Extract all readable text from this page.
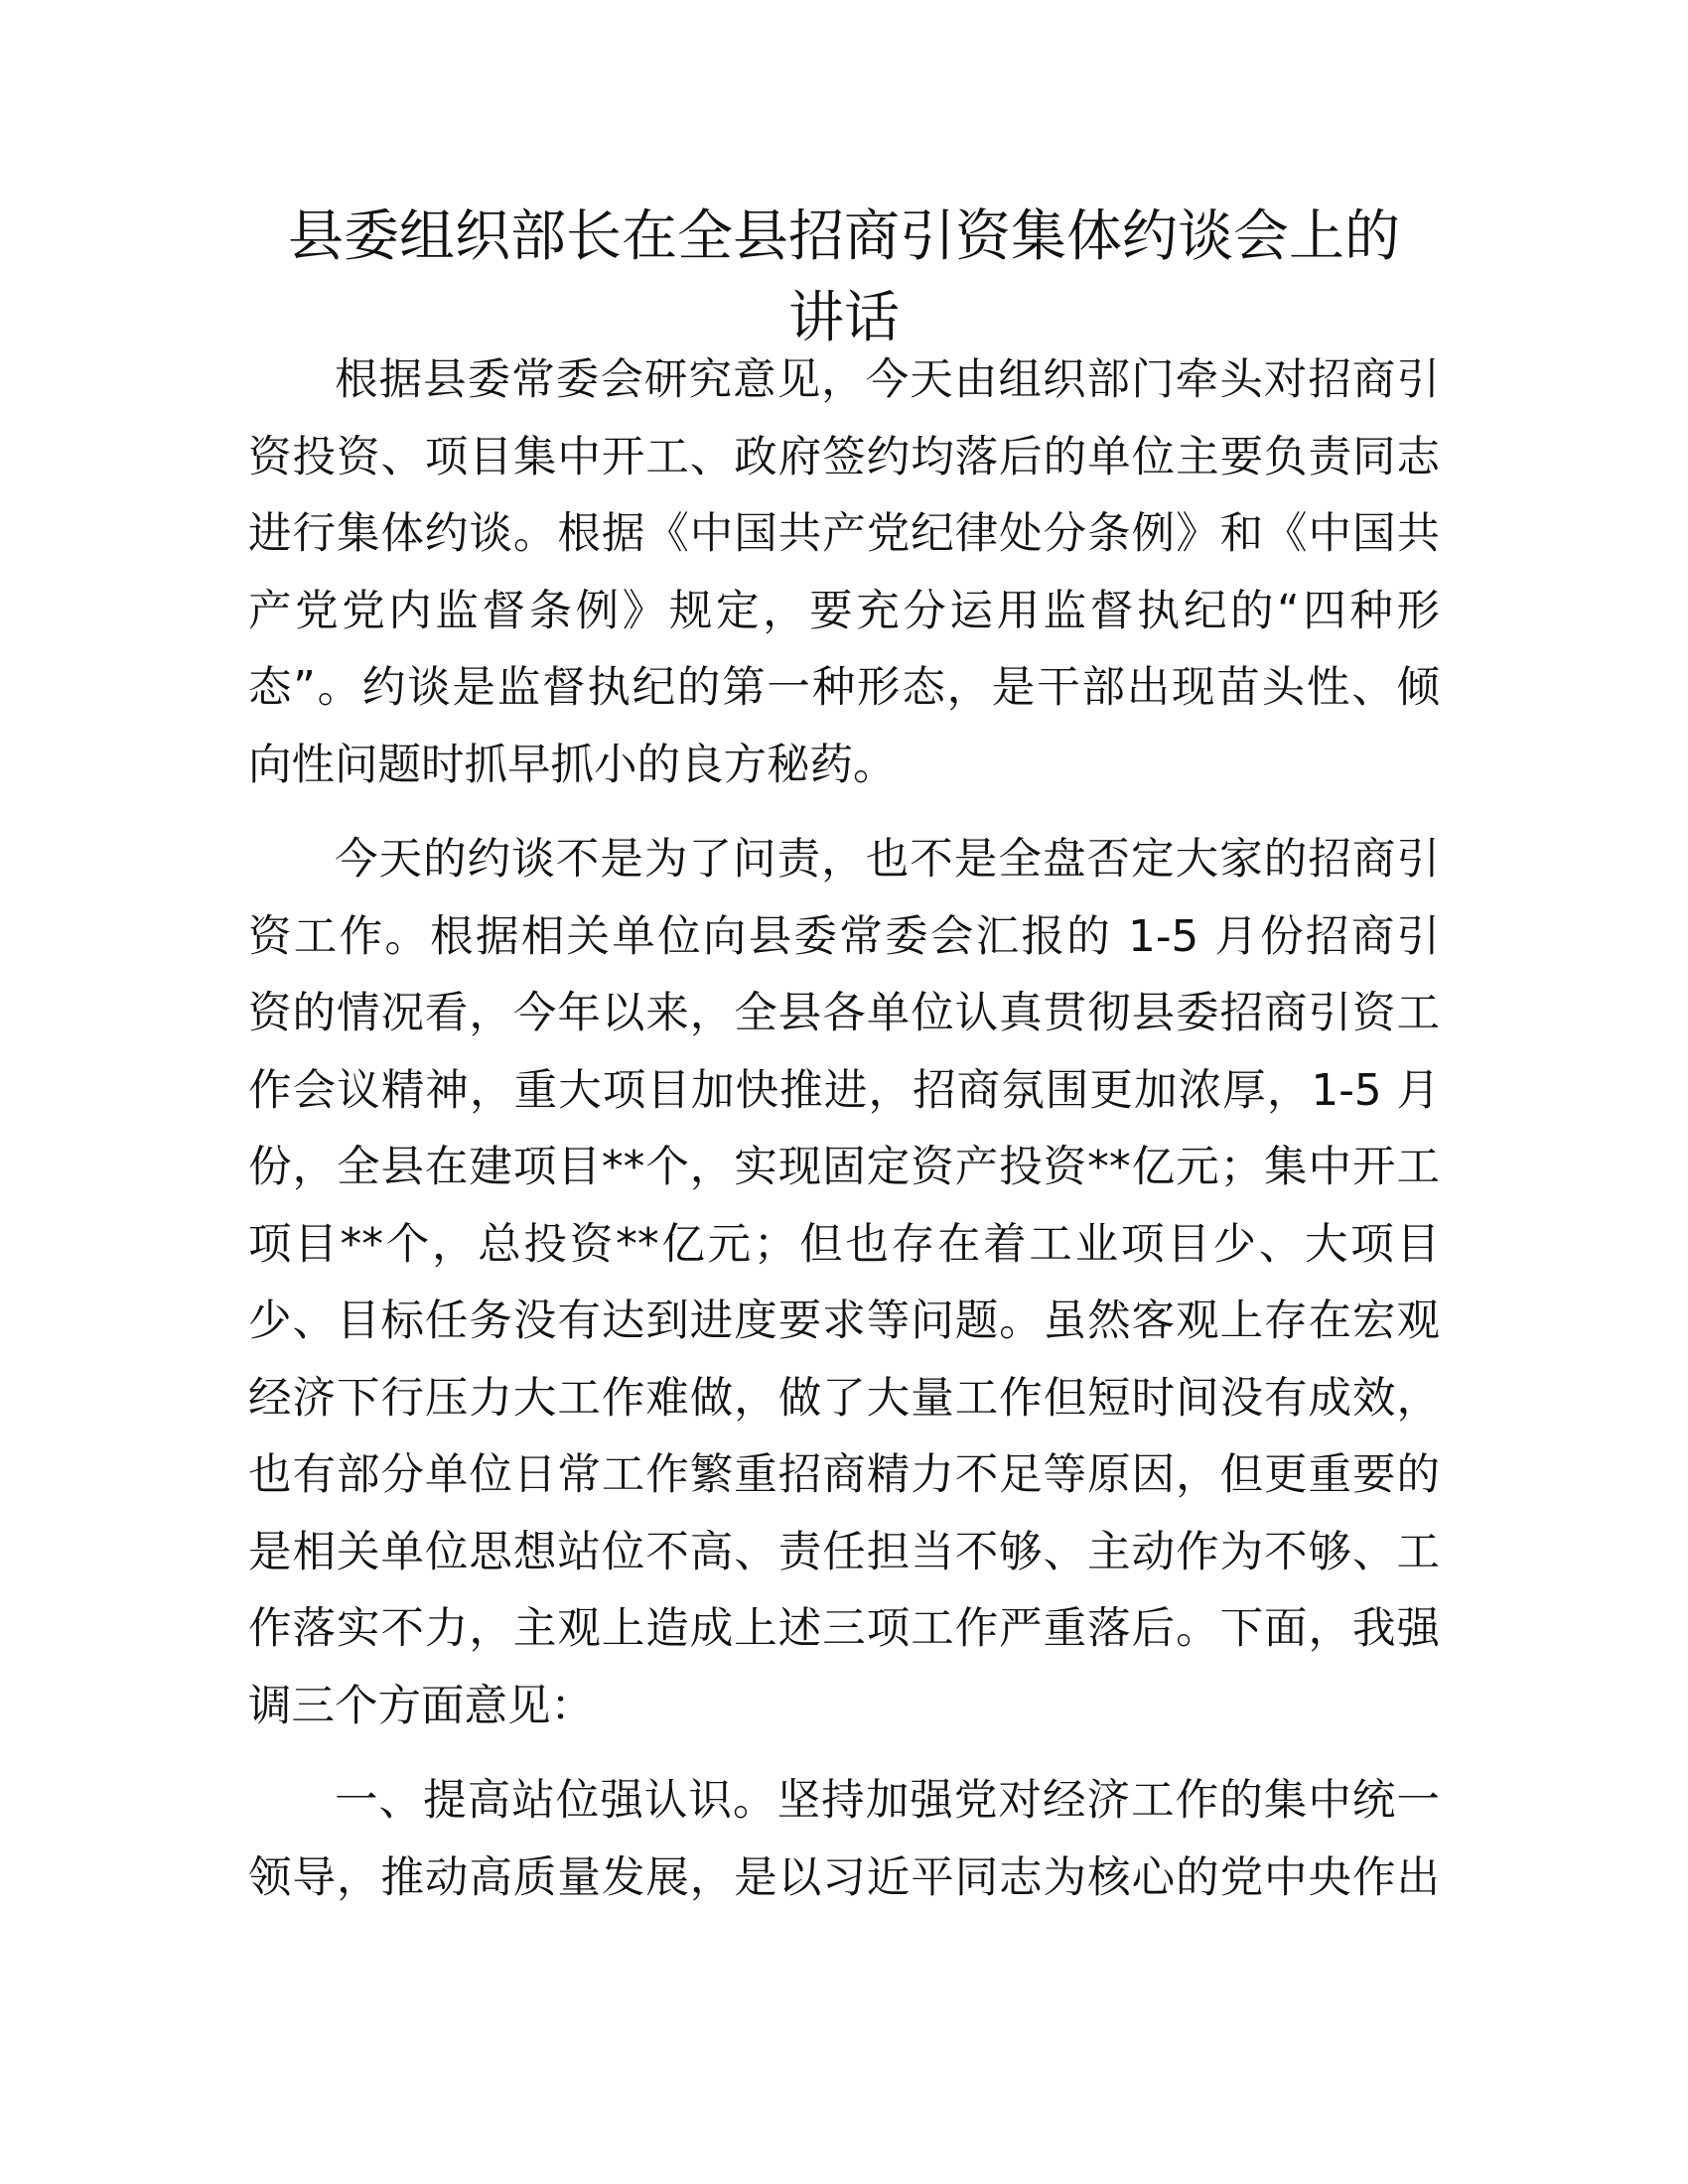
县委组织部长在全县招商引资集体约谈会上的
讲话
根据县委常委会研究意见，今天由组织部门牵头对招商引
资投资、项目集中开工、政府签约均落后的单位主要负责同志
进行集体约谈。根据《中国共产党纪律处分条例》和《中国共
产党党内监督条例》规定，要充分运用监督执纪的“四种形
态”。约谈是监督执纪的第一种形态，是干部出现苗头性、倾
向性问题时抓早抓小的良方秘药。
今天的约谈不是为了问责，也不是全盘否定大家的招商引
资工作。根据相关单位向县委常委会汇报的 1-5 月份招商引
资的情况看，今年以来，全县各单位认真贯彻县委招商引资工
作会议精神，重大项目加快推进，招商氛围更加浓厚，1-5 月
份，全县在建项目**个，实现固定资产投资**亿元；集中开工
项目**个，总投资**亿元；但也存在着工业项目少、大项目
少、目标任务没有达到进度要求等问题。虽然客观上存在宏观
经济下行压力大工作难做，做了大量工作但短时间没有成效，
也有部分单位日常工作繁重招商精力不足等原因，但更重要的
是相关单位思想站位不高、责任担当不够、主动作为不够、工
作落实不力，主观上造成上述三项工作严重落后。下面，我强
调三个方面意见：
一、提高站位强认识。坚持加强党对经济工作的集中统一
领导，推动高质量发展，是以习近平同志为核心的党中央作出
